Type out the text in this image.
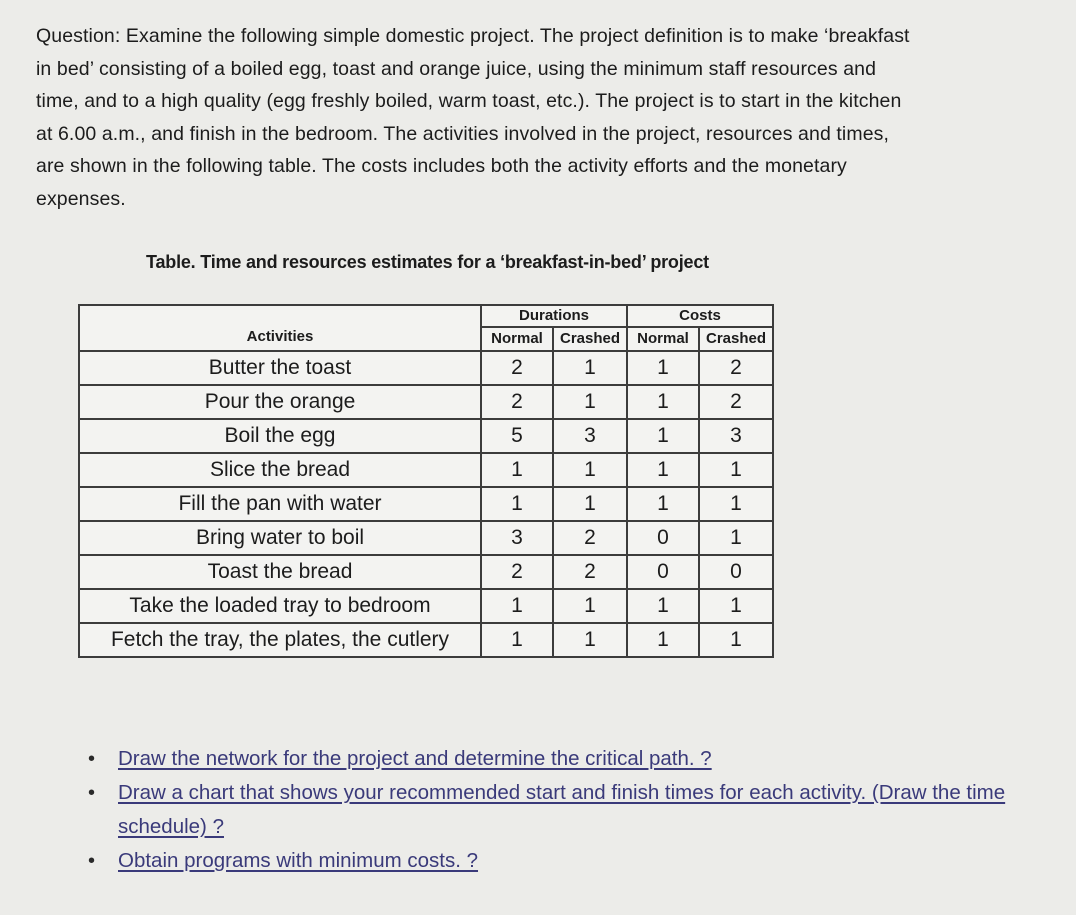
Question: Examine the following simple domestic project. The project definition is to make ‘breakfast
in bed’ consisting of a boiled egg, toast and orange juice, using the minimum staff resources and
time, and to a high quality (egg freshly boiled, warm toast, etc.). The project is to start in the kitchen
at 6.00 a.m., and finish in the bedroom. The activities involved in the project, resources and times,
are shown in the following table. The costs includes both the activity efforts and the monetary
expenses.
Table. Time and resources estimates for a ‘breakfast-in-bed’ project
Activities	Durations		Costs	
	Normal	Crashed	Normal	Crashed
Butter the toast	2	1	1	2
Pour the orange	2	1	1	2
Boil the egg	5	3	1	3
Slice the bread	1	1	1	1
Fill the pan with water	1	1	1	1
Bring water to boil	3	2	0	1
Toast the bread	2	2	0	0
Take the loaded tray to bedroom	1	1	1	1
Fetch the tray, the plates, the cutlery	1	1	1	1
• Draw the network for the project and determine the critical path. ?
• Draw a chart that shows your recommended start and finish times for each activity. (Draw the time schedule) ?
• Obtain programs with minimum costs. ?
